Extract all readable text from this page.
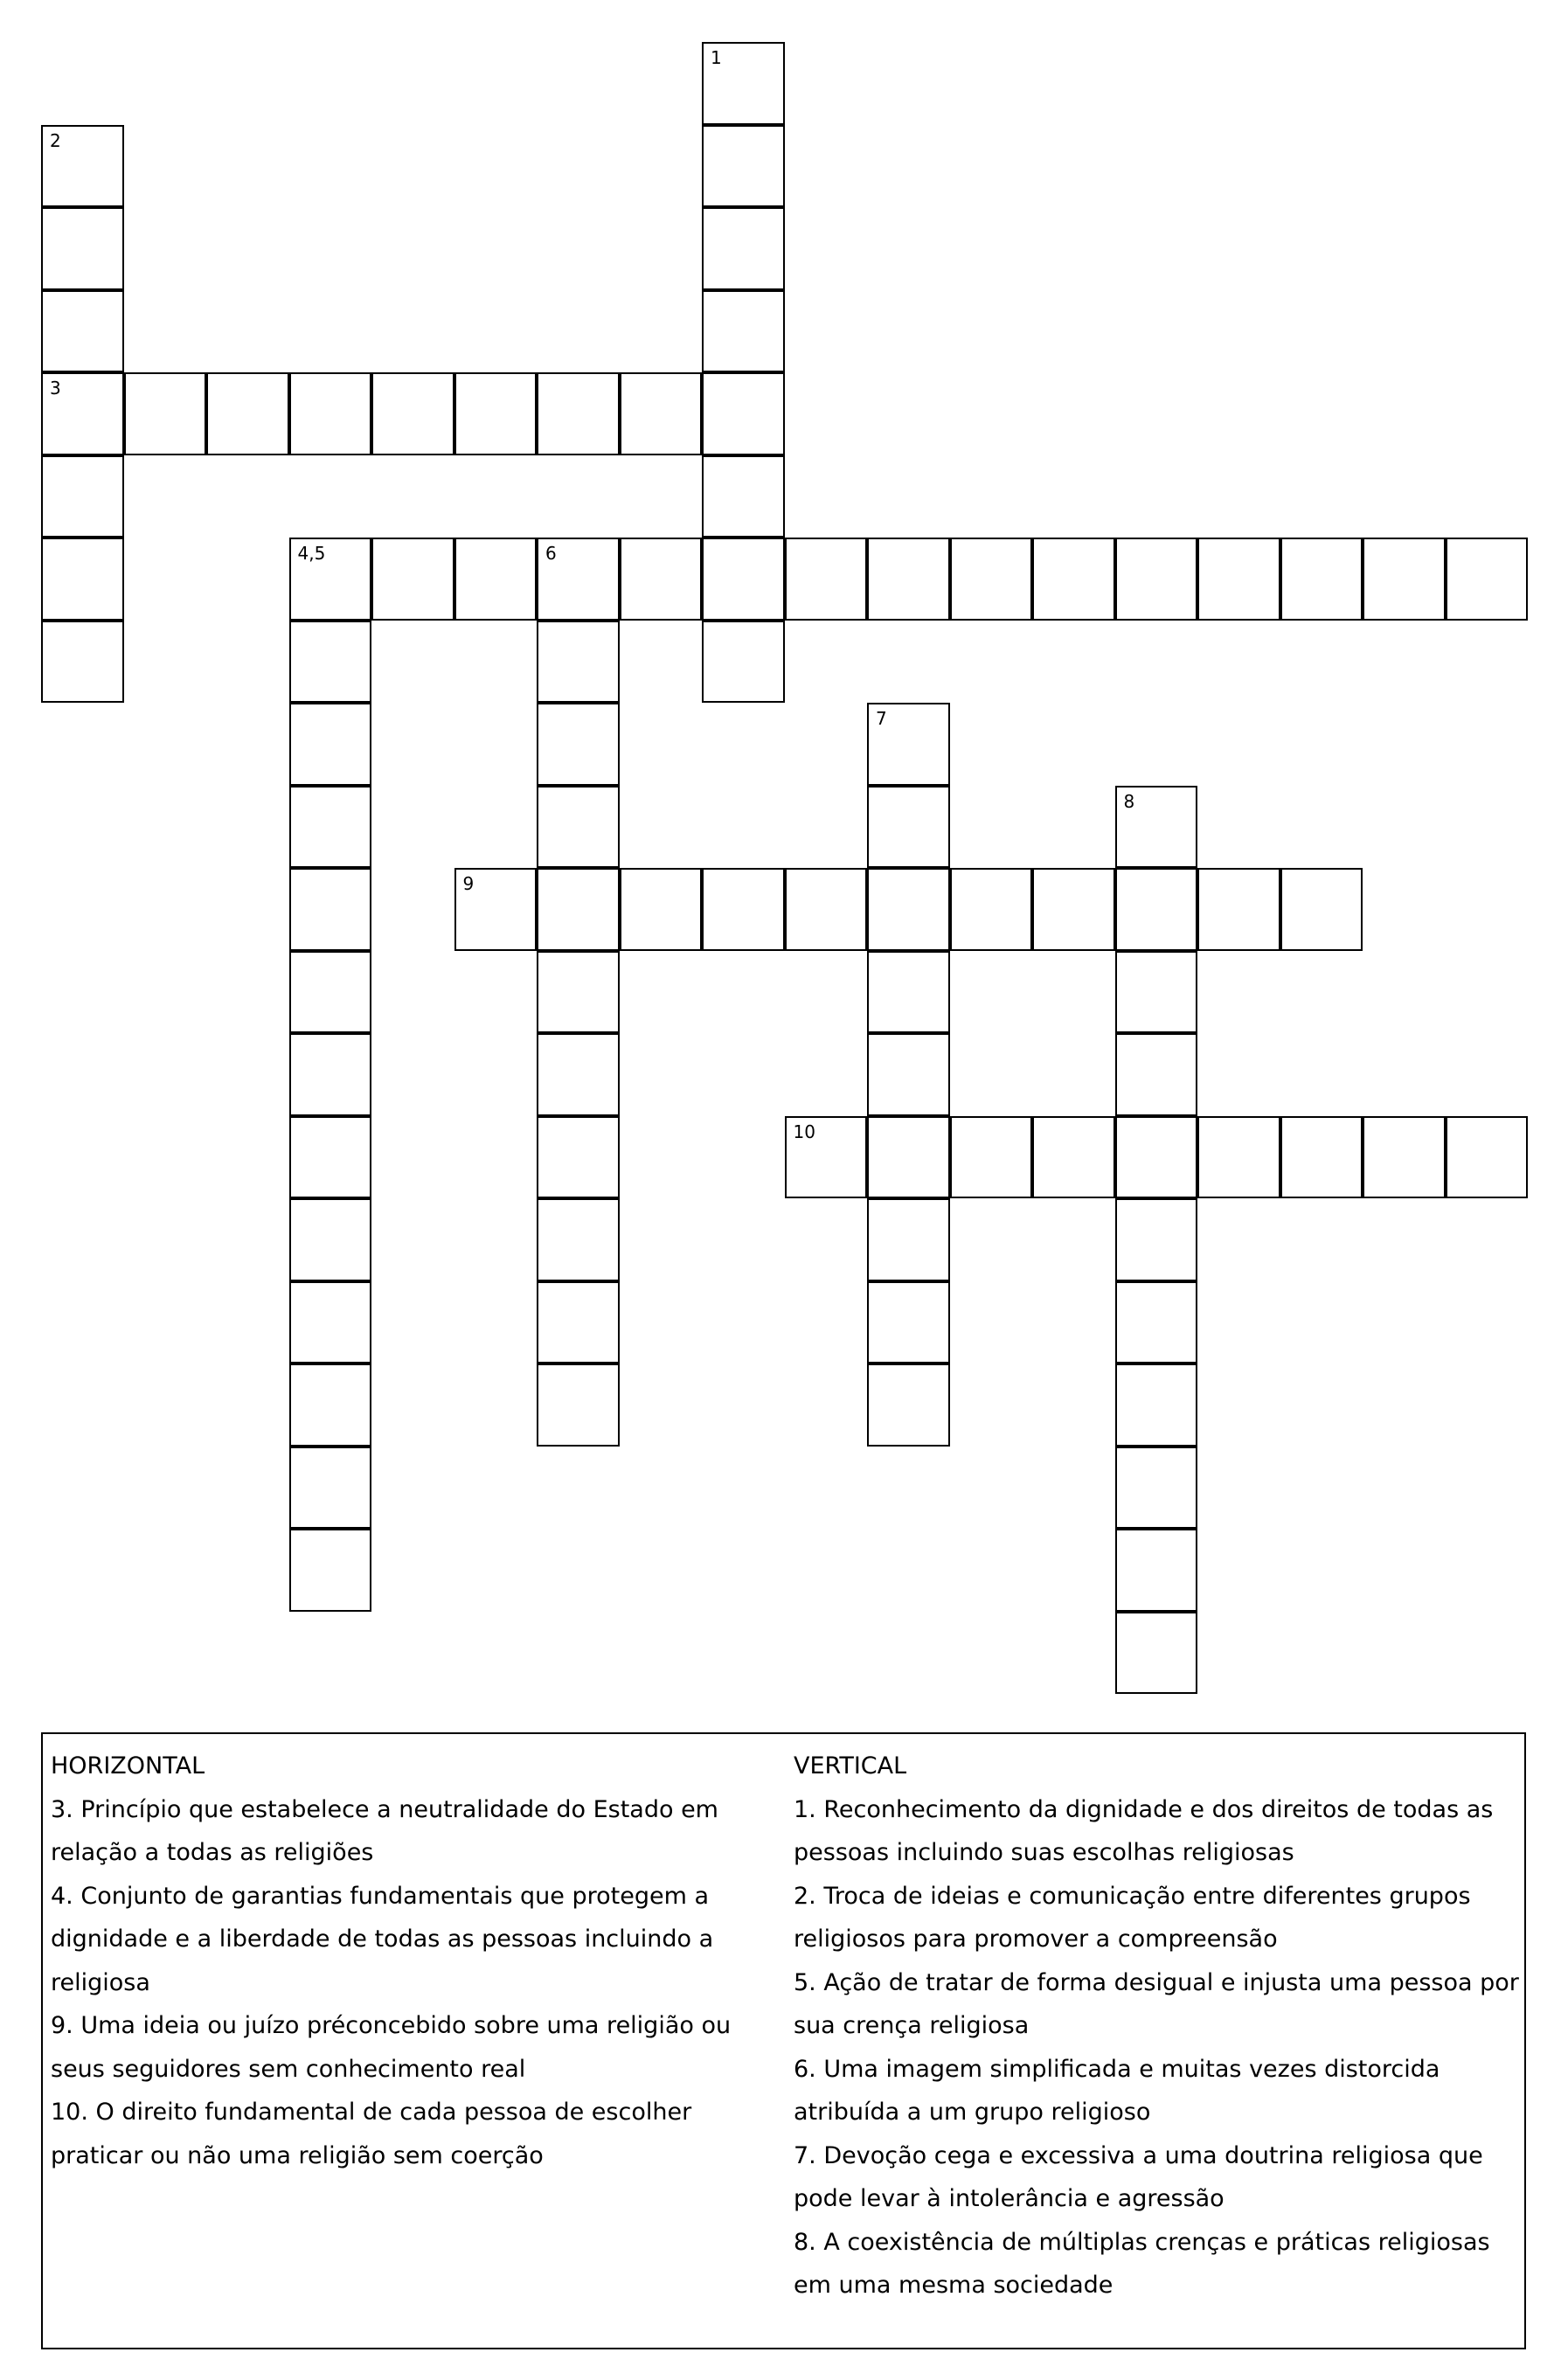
1
2
3
4,5	6
7
8
9
10
HORIZONTAL
3. Princípio que estabelece a neutralidade do Estado em relação a todas as religiões
4. Conjunto de garantias fundamentais que protegem a dignidade e a liberdade de todas as pessoas incluindo a religiosa
9. Uma ideia ou juízo préconcebido sobre uma religião ou seus seguidores sem conhecimento real
10. O direito fundamental de cada pessoa de escolher praticar ou não uma religião sem coerção
VERTICAL
1. Reconhecimento da dignidade e dos direitos de todas as pessoas incluindo suas escolhas religiosas
2. Troca de ideias e comunicação entre diferentes grupos religiosos para promover a compreensão
5. Ação de tratar de forma desigual e injusta uma pessoa por sua crença religiosa
6. Uma imagem simplificada e muitas vezes distorcida atribuída a um grupo religioso
7. Devoção cega e excessiva a uma doutrina religiosa que pode levar à intolerância e agressão
8. A coexistência de múltiplas crenças e práticas religiosas em uma mesma sociedade
